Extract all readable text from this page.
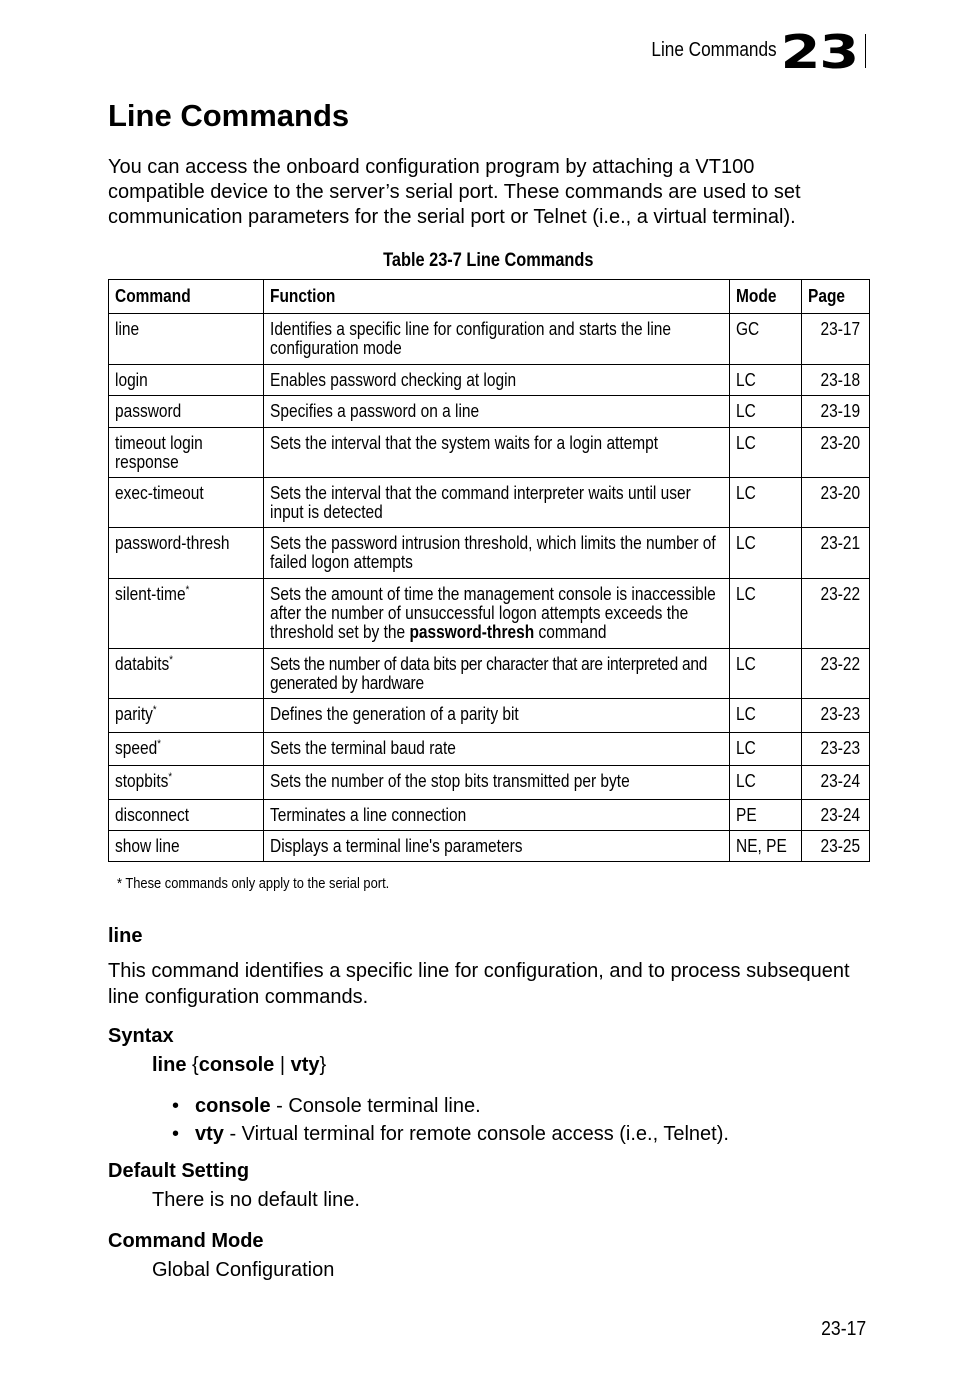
Line Commands 23
Line Commands

You can access the onboard configuration program by attaching a VT100 compatible device to the server’s serial port. These commands are used to set communication parameters for the serial port or Telnet (i.e., a virtual terminal).

Table 23-7 Line Commands
Command	Function	Mode	Page

line	Identifies a specific line for configuration and starts the line configuration mode	GC	23-17

login	Enables password checking at login	LC	23-18

password	Specifies a password on a line	LC	23-19

timeout login response	Sets the interval that the system waits for a login attempt	LC	23-20

exec-timeout	Sets the interval that the command interpreter waits until user input is detected	LC	23-20

password-thresh	Sets the password intrusion threshold, which limits the number of failed logon attempts	LC	23-21

silent-time*	Sets the amount of time the management console is inaccessible after the number of unsuccessful logon attempts exceeds the threshold set by the password-thresh command	LC	23-22

databits*	Sets the number of data bits per character that are interpreted and generated by hardware	LC	23-22

parity*	Defines the generation of a parity bit	LC	23-23

speed*	Sets the terminal baud rate	LC	23-23

stopbits*	Sets the number of the stop bits transmitted per byte	LC	23-24

disconnect	Terminates a line connection	PE	23-24

show line	Displays a terminal line's parameters	NE, PE	23-25
* These commands only apply to the serial port.
line

This command identifies a specific line for configuration, and to process subsequent line configuration commands.

Syntax

line {console | vty}

• console - Console terminal line.
• vty - Virtual terminal for remote console access (i.e., Telnet).
Default Setting

There is no default line.

Command Mode

Global Configuration

23-17
